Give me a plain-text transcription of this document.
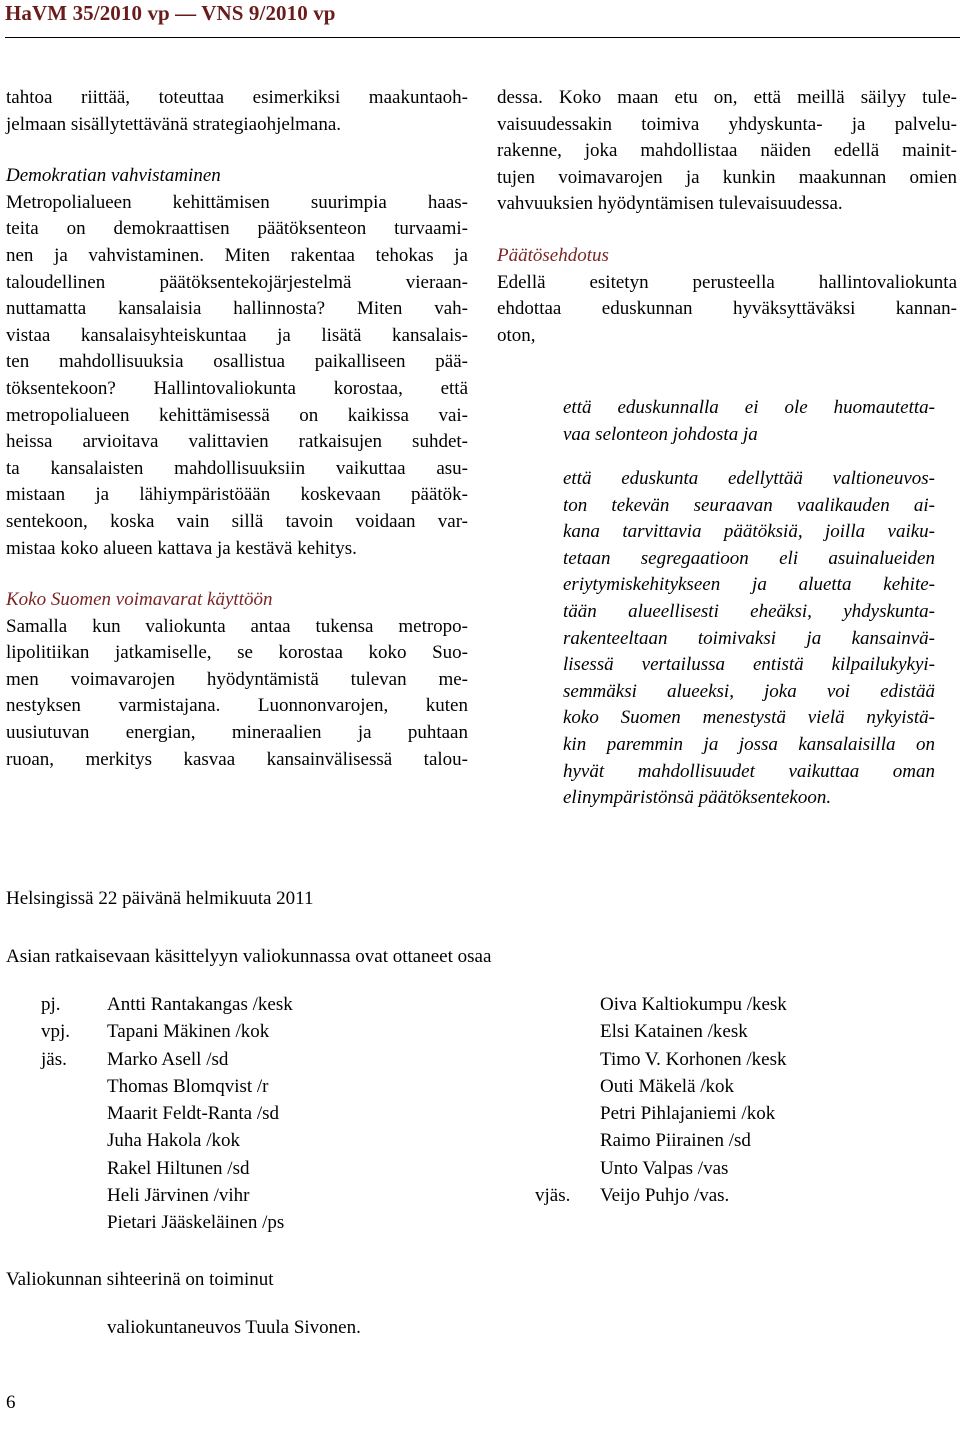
HaVM 35/2010 vp — VNS 9/2010 vp
tahtoa riittää, toteuttaa esimerkiksi maakuntaoh-
jelmaan sisällytettävänä strategiaohjelmana.
Demokratian vahvistaminen
Metropolialueen kehittämisen suurimpia haas-
teita on demokraattisen päätöksenteon turvaami-
nen ja vahvistaminen. Miten rakentaa tehokas ja
taloudellinen päätöksentekojärjestelmä vieraan-
nuttamatta kansalaisia hallinnosta? Miten vah-
vistaa kansalaisyhteiskuntaa ja lisätä kansalais-
ten mahdollisuuksia osallistua paikalliseen pää-
töksentekoon? Hallintovaliokunta korostaa, että
metropolialueen kehittämisessä on kaikissa vai-
heissa arvioitava valittavien ratkaisujen suhdet-
ta kansalaisten mahdollisuuksiin vaikuttaa asu-
mistaan ja lähiympäristöään koskevaan päätök-
sentekoon, koska vain sillä tavoin voidaan var-
mistaa koko alueen kattava ja kestävä kehitys.
Koko Suomen voimavarat käyttöön
Samalla kun valiokunta antaa tukensa metropo-
lipolitiikan jatkamiselle, se korostaa koko Suo-
men voimavarojen hyödyntämistä tulevan me-
nestyksen varmistajana. Luonnonvarojen, kuten
uusiutuvan energian, mineraalien ja puhtaan
ruoan, merkitys kasvaa kansainvälisessä talou-
dessa. Koko maan etu on, että meillä säilyy tule-
vaisuudessakin toimiva yhdyskunta- ja palvelu-
rakenne, joka mahdollistaa näiden edellä mainit-
tujen voimavarojen ja kunkin maakunnan omien
vahvuuksien hyödyntämisen tulevaisuudessa.
Päätösehdotus
Edellä esitetyn perusteella hallintovaliokunta
ehdottaa eduskunnan hyväksyttäväksi kannan-
oton,
että eduskunnalla ei ole huomautetta-
vaa selonteon johdosta ja
että eduskunta edellyttää valtioneuvos-
ton tekevän seuraavan vaalikauden ai-
kana tarvittavia päätöksiä, joilla vaiku-
tetaan segregaatioon eli asuinalueiden
eriytymiskehitykseen ja aluetta kehite-
tään alueellisesti eheäksi, yhdyskunta-
rakenteeltaan toimivaksi ja kansainvä-
lisessä vertailussa entistä kilpailukykyi-
semmäksi alueeksi, joka voi edistää
koko Suomen menestystä vielä nykyistä-
kin paremmin ja jossa kansalaisilla on
hyvät mahdollisuudet vaikuttaa oman
elinympäristönsä päätöksentekoon.
Helsingissä 22 päivänä helmikuuta 2011
Asian ratkaisevaan käsittelyyn valiokunnassa ovat ottaneet osaa
pj. Antti Rantakangas /kesk
vpj. Tapani Mäkinen /kok
jäs. Marko Asell /sd
Thomas Blomqvist /r
Maarit Feldt-Ranta /sd
Juha Hakola /kok
Rakel Hiltunen /sd
Heli Järvinen /vihr
Pietari Jääskeläinen /ps
Oiva Kaltiokumpu /kesk
Elsi Katainen /kesk
Timo V. Korhonen /kesk
Outi Mäkelä /kok
Petri Pihlajaniemi /kok
Raimo Piirainen /sd
Unto Valpas /vas
vjäs. Veijo Puhjo /vas.
Valiokunnan sihteerinä on toiminut
valiokuntaneuvos Tuula Sivonen.
6
